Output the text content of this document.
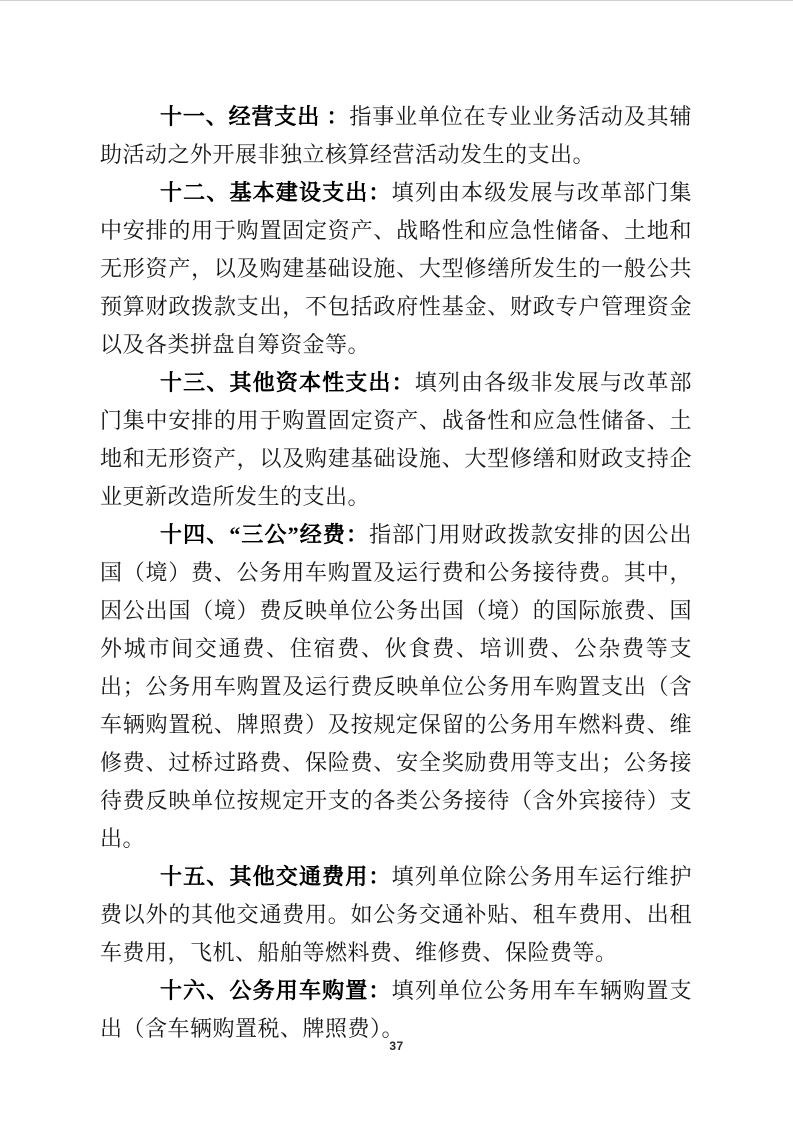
十一、经营支出 ：指事业单位在专业业务活动及其辅助活动之外开展非独立核算经营活动发生的支出。

十二、基本建设支出：填列由本级发展与改革部门集中安排的用于购置固定资产、战略性和应急性储备、土地和无形资产，以及购建基础设施、大型修缮所发生的一般公共预算财政拨款支出，不包括政府性基金、财政专户管理资金以及各类拼盘自筹资金等。

十三、其他资本性支出：填列由各级非发展与改革部门集中安排的用于购置固定资产、战备性和应急性储备、土地和无形资产，以及购建基础设施、大型修缮和财政支持企业更新改造所发生的支出。

十四、“三公”经费：指部门用财政拨款安排的因公出国（境）费、公务用车购置及运行费和公务接待费。其中，因公出国（境）费反映单位公务出国（境）的国际旅费、国外城市间交通费、住宿费、伙食费、培训费、公杂费等支出；公务用车购置及运行费反映单位公务用车购置支出（含车辆购置税、牌照费）及按规定保留的公务用车燃料费、维修费、过桥过路费、保险费、安全奖励费用等支出；公务接待费反映单位按规定开支的各类公务接待（含外宾接待）支出。

十五、其他交通费用：填列单位除公务用车运行维护费以外的其他交通费用。如公务交通补贴、租车费用、出租车费用，飞机、船舶等燃料费、维修费、保险费等。

十六、公务用车购置：填列单位公务用车车辆购置支出（含车辆购置税、牌照费）。

37
